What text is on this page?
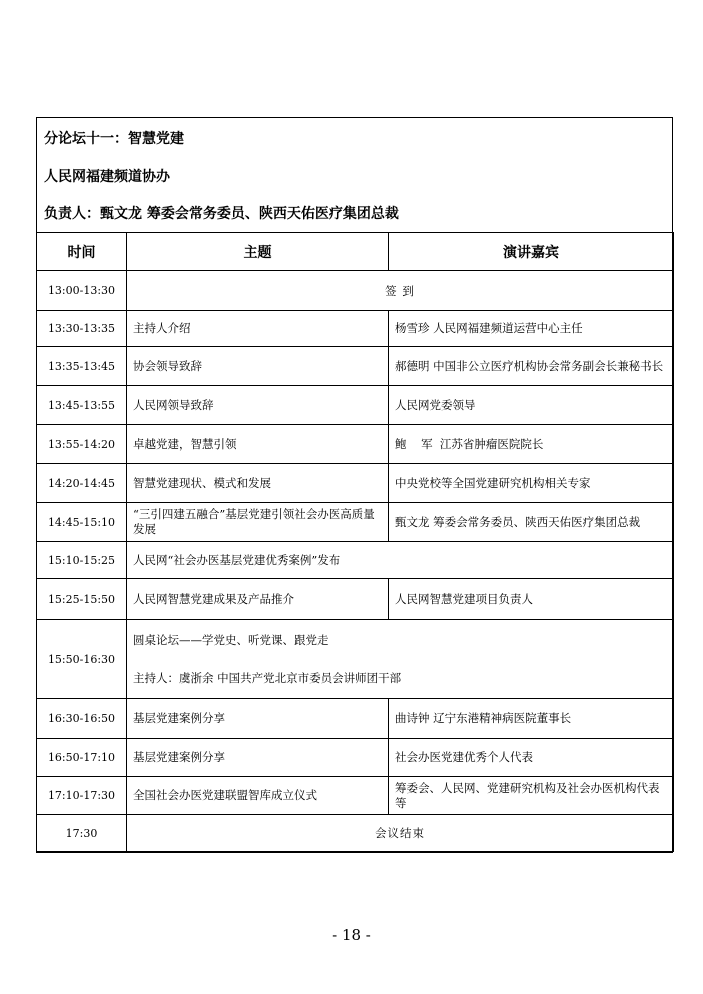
分论坛十一：智慧党建
人民网福建频道协办
负责人：甄文龙 筹委会常务委员、陕西天佑医疗集团总裁
时间	主题	演讲嘉宾
13:00-13:30	签 到	
13:30-13:35	主持人介绍	杨雪珍 人民网福建频道运营中心主任
13:35-13:45	协会领导致辞	郝德明 中国非公立医疗机构协会常务副会长兼秘书长
13:45-13:55	人民网领导致辞	人民网党委领导
13:55-14:20	卓越党建，智慧引领	鲍    军  江苏省肿瘤医院院长
14:20-14:45	智慧党建现状、模式和发展	中央党校等全国党建研究机构相关专家
14:45-15:10	“三引四建五融合”基层党建引领社会办医高质量发展	甄文龙 筹委会常务委员、陕西天佑医疗集团总裁
15:10-15:25	人民网“社会办医基层党建优秀案例”发布	
15:25-15:50	人民网智慧党建成果及产品推介	人民网智慧党建项目负责人
15:50-16:30	圆桌论坛——学党史、听党课、跟党走
主持人：虞浙余 中国共产党北京市委员会讲师团干部	

16:30-16:50	基层党建案例分享	曲诗钟 辽宁东港精神病医院董事长
16:50-17:10	基层党建案例分享	社会办医党建优秀个人代表
17:10-17:30	全国社会办医党建联盟智库成立仪式	筹委会、人民网、党建研究机构及社会办医机构代表等
17:30	会议结束	
- 18 -
